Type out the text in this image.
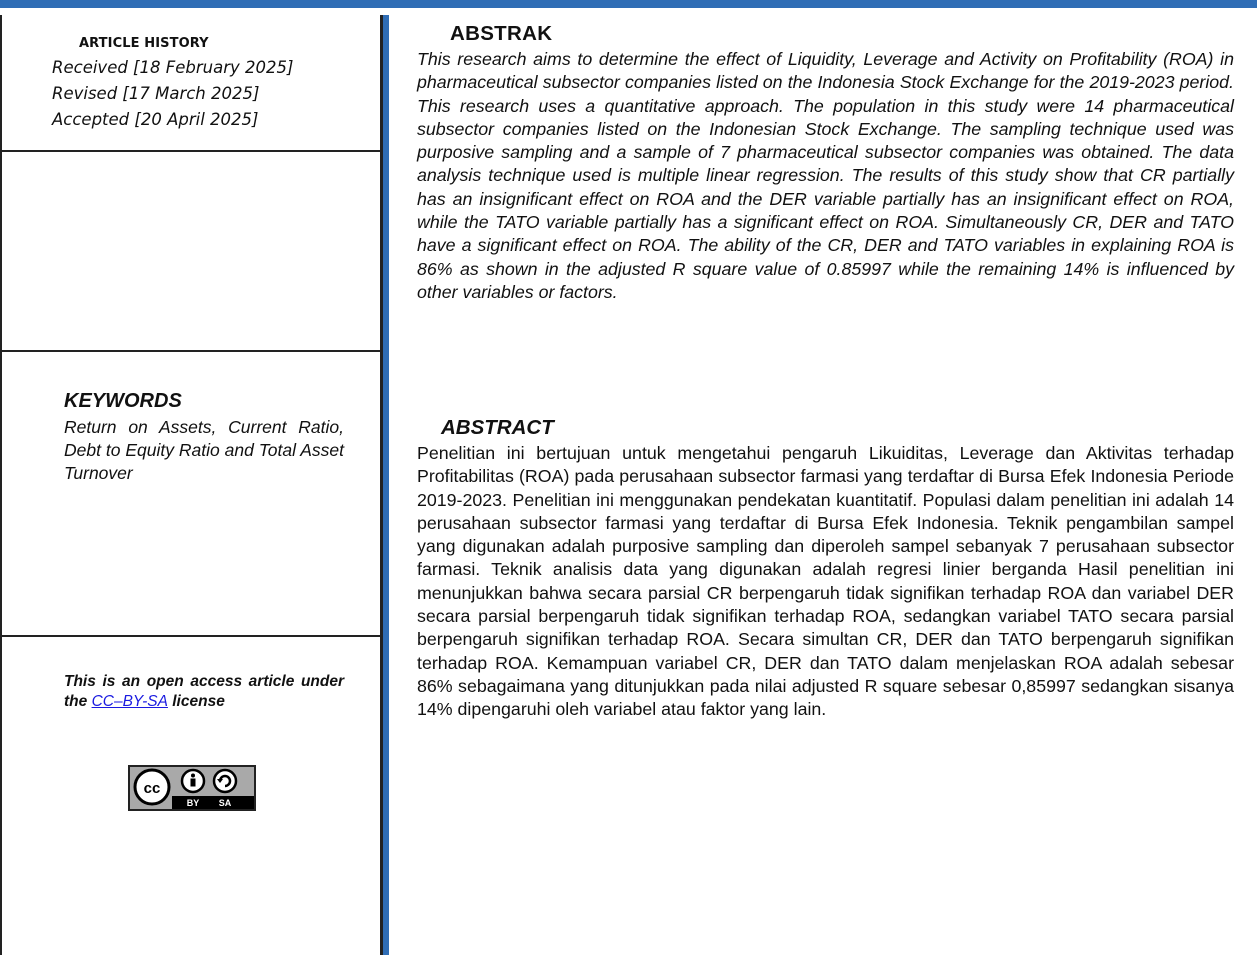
ARTICLE HISTORY
Received [18 February 2025]
Revised [17 March 2025]
Accepted [20 April 2025]
KEYWORDS
Return on Assets, Current Ratio, Debt to Equity Ratio and Total Asset Turnover
This is an open access article under the CC–BY-SA license
cc
BY SA
ABSTRAK
This research aims to determine the effect of Liquidity, Leverage and Activity on Profitability (ROA) in pharmaceutical subsector companies listed on the Indonesia Stock Exchange for the 2019-2023 period. This research uses a quantitative approach. The population in this study were 14 pharmaceutical subsector companies listed on the Indonesian Stock Exchange. The sampling technique used was purposive sampling and a sample of 7 pharmaceutical subsector companies was obtained. The data analysis technique used is multiple linear regression. The results of this study show that CR partially has an insignificant effect on ROA and the DER variable partially has an insignificant effect on ROA, while the TATO variable partially has a significant effect on ROA. Simultaneously CR, DER and TATO have a significant effect on ROA. The ability of the CR, DER and TATO variables in explaining ROA is 86% as shown in the adjusted R square value of 0.85997 while the remaining 14% is influenced by other variables or factors.
ABSTRACT
Penelitian ini bertujuan untuk mengetahui pengaruh Likuiditas, Leverage dan Aktivitas terhadap Profitabilitas (ROA) pada perusahaan subsector farmasi yang terdaftar di Bursa Efek Indonesia Periode 2019-2023. Penelitian ini menggunakan pendekatan kuantitatif. Populasi dalam penelitian ini adalah 14 perusahaan subsector farmasi yang terdaftar di Bursa Efek Indonesia. Teknik pengambilan sampel yang digunakan adalah purposive sampling dan diperoleh sampel sebanyak 7 perusahaan subsector farmasi. Teknik analisis data yang digunakan adalah regresi linier berganda Hasil penelitian ini menunjukkan bahwa secara parsial CR berpengaruh tidak signifikan terhadap ROA dan variabel DER secara parsial berpengaruh tidak signifikan terhadap ROA, sedangkan variabel TATO secara parsial berpengaruh signifikan terhadap ROA. Secara simultan CR, DER dan TATO berpengaruh signifikan terhadap ROA. Kemampuan variabel CR, DER dan TATO dalam menjelaskan ROA adalah sebesar 86% sebagaimana yang ditunjukkan pada nilai adjusted R square sebesar 0,85997 sedangkan sisanya 14% dipengaruhi oleh variabel atau faktor yang lain.
